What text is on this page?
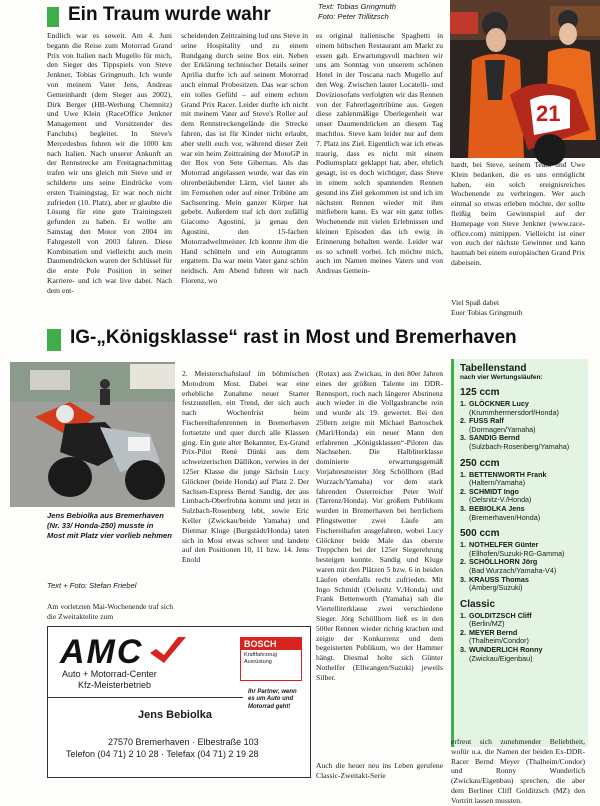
Ein Traum wurde wahr	Text: Tobias Gringmuth
Foto: Peter Trillitzsch
Endlich war es soweit. Am 4. Juni begann die Reise zum Motorrad Grand Prix von Italien nach Mugello für mich, den Sieger des Tippspiels von Steve Jenkner, Tobias Gringmuth. Ich wurde von meinem Vater Jens, Andreas Gemeinhardt (dem Sieger aus 2002), Dirk Berger (HB-Werbung Chemnitz) und Uwe Klein (RaceOffice Jenkner Management und Vorsitzender des Fanclubs) begleitet. In Steve's Mercedesbus fuhren wir die 1000 km nach Italien. Nach unserer Ankunft an der Rennstrecke am Freitagnachmittag trafen wir uns gleich mit Steve und er schilderte uns seine Eindrücke vom ersten Trainingstag. Er war noch nicht zufrieden (10. Platz), aber er glaubte die Lösung für eine gute Trainingszeit gefunden zu haben. Er wollte am Samstag den Motor von 2004 im Fahrgestell von 2003 fahren. Diese Kombination und vielleicht auch mein Daumendrücken waren der Schlüssel für die erste Pole Position in seiner Karriere- und ich war live dabei. Nach dem ent-
scheidenden Zeittraining lud uns Steve in seine Hospitality und zu einem Rundgang durch seine Box ein. Neben der Erklärung technischer Details seiner Aprilia durfte ich auf seinem Motorrad auch einmal Probesitzen. Das war schon ein tolles Gefühl – auf einem echten Grand Prix Racer. Leider durfte ich nicht mit meinem Vater auf Steve's Roller auf dem Rennstreckengelände die Strecke fahren, das ist für Kinder nicht erlaubt, aber stellt euch vor, während dieser Zeit war ein heim Zeittraining der MotoGP in der Box von Sete Gibernau. Als das Motorrad angelassen wurde, war das ein ohrenbetäubender Lärm, viel lauter als im Fernsehen oder auf einer Tribüne am Sachsenring. Mein ganzer Körper hat gebebt. Außerdem traf ich dort zufällig Giacomo Agostini, ja genau den Agostini, den 15-fachen Motorradweltmeister. Ich konnte ihm die Hand schütteln und ein Autogramm ergattern. Da war mein Vater ganz schön neidisch. Am Abend fuhren wir nach Florenz, wo
es original italienische Spaghetti in einem hübschen Restaurant am Markt zu essen gab. Erwartungsvoll machten wir uns am Sonntag von unserem schönen Hotel in der Toscana nach Mugello auf den Weg. Zwischen lauter Locatelli- und Doviziosofans verfolgten wir das Rennen von der Fahrerlagertribüne aus. Gegen diese zahlenmäßige Überlegenheit war unser Daumendrücken an diesem Tag machtlos. Steve kam leider nur auf dem 7. Platz ins Ziel. Eigentlich war ich etwas traurig, dass es nicht mit einem Podiumsplatz geklappt hat, aber, ehrlich gesagt, ist es doch wichtiger, dass Steve in einem solch spannenden Rennen gesund ins Ziel gekommen ist und ich im nächsten Rennen wieder mit ihm mitfiebern kann. Es war ein ganz tolles Wochenende mit vielen Erlebnissen und kleinen Episoden das ich ewig in Erinnerung behalten werde. Leider war es so schnell vorbei. Ich möchte mich, auch im Namen meines Vaters und von Andreas Gemein-
21
hardt, bei Steve, seinem Team und Uwe Klein bedanken, die es uns ermöglicht haben, ein solch ereignisreiches Wochenende zu verbringen. Wer auch einmal so etwas erleben möchte, der sollte fleißig beim Gewinnspiel auf der Homepage von Steve Jenkner (www.race-office.com) mittippen. Vielleicht ist einer von euch der nächste Gewinner und kann hautnah bei einem europäischen Grand Prix dabeisein.
Viel Spaß dabei
Euer Tobias Gringmuth
IG-„Königsklasse“ rast in Most und Bremerhaven
Jens Bebiolka aus Bremerhaven (Nr. 33/ Honda-250) musste in Most mit Platz vier vorlieb nehmen
Text + Foto: Stefan Friebel
Am vorletzten Mai-Wochenende traf sich die Zweitaktelite zum
2. Meisterschaftslauf im böhmischen Motodrom Most. Dabei war eine erhebliche Zunahme neuer Starter festzustellen, ein Trend, der sich auch nach Wochenfrist beim Fischereihafenrennen in Bremerhaven fortsetzte und quer durch alle Klassen ging. Ein gute alter Bekannter, Ex-Grand Prix-Pilot René Dünki aus dem schweizerischen Dällikon, verwies in der 125er Klasse die junge Sächsin Lucy Glöckner (beide Honda) auf Platz 2. Der Sachsen-Express Bernd Sandig, der aus Limbach-Oberfrohna kommt und jetzt in Sulzbach-Rosenberg lebt, sowie Eric Keller (Zwickau/beide Yamaha) und Dietmar Kluge (Burgstädt/Honda) taten sich in Most etwas schwer und landete auf den Positionen 10, 11 bzw. 14. Jens Enold
(Rotax) aus Zwickau, in den 80er Jahren eines der größten Talente im DDR-Rennsport, roch nach längerer Abstinenz auch wieder in die Vollgasbranche rein und wurde als 19. gewertet. Bei den 250ern zeigte mit Michael Bartoschek (Marl/Honda) ein neuer Mann den erfahrenen „Königsklassen“-Piloten das Nachsehen. Die Halbliterklasse dominierte erwartungsgemäß Vorjahresmeister Jörg Schöllhorn (Bad Wurzach/Yamaha) vor dem stark fahrenden Österreicher Peter Wolf (Tarrenz/Honda). Vor großem Publikum wurden in Bremerhaven bei herrlichem Pfingstwetter zwei Läufe am Fischereihafen ausgefahren, wobei Lucy Glöckner beide Male das oberste Treppchen bei der 125er Siegerehrung besteigen konnte. Sandig und Kluge waren mit den Plätzen 5 bzw. 6 in beiden Läufen ebenfalls recht zufrieden. Mit Ingo Schmidt (Oelsnitz V./Honda) und Frank Bettenworth (Yamaha) sah die Viertelliterklasse zwei verschiedene Sieger. Jörg Schöllhorn ließ es in den 500er Rennen wieder richtig krachen und zeigte der Konkurrenz und dem begeisterten Publikum, wo der Hammer hängt. Diesmal holte sich Günter Nothelfer (Ellwangen/Suzuki) jeweils Silber.
Auch die heuer neu ins Leben gerufene Classic-Zweitakt-Serie
Tabellenstand
nach vier Wertungsläufen:
125 ccm
1. GLÖCKNER Lucy
(Krummhermersdorf/Honda)
2. FUSS Ralf
(Dormagen/Yamaha)
3. SANDIG Bernd
(Sulzbach-Rosenberg/Yamaha)
250 ccm
1. BETTENWORTH Frank
(Haltern/Yamaha)
2. SCHMIDT Ingo
(Oelsnitz-V./Honda)
3. BEBIOLKA Jens
(Bremerhaven/Honda)
500 ccm
1. NOTHELFER Günter
(Ellhofen/Suzuki-RG-Gamma)
2. SCHÖLLHORN Jörg
(Bad Wurzach/Yamaha-V4)
3. KRAUSS Thomas
(Amberg/Suzuki)
Classic
1. GOLDITZSCH Cliff
(Berlin/MZ)
2. MEYER Bernd
(Thalheim/Condor)
3. WUNDERLICH Ronny
(Zwickau/Eigenbau)
erfreut sich zunehmender Beliebtheit, wofür u.a. die Namen der beiden Ex-DDR-Racer Bernd Meyer (Thalheim/Condor) und Ronny Wunderlich (Zwickau/Eigenbau) sprechen, die aber dem Berliner Cliff Golditzsch (MZ) den Vortritt lassen mussten.
AMC
Auto + Motorrad-Center
Kfz-Meisterbetrieb
BOSCH
Kraftfahrzeug Ausrüstung
Ihr Partner, wenn es um Auto und Motorrad geht!
Jens Bebiolka
27570 Bremerhaven · Elbestraße 103
Telefon (04 71) 2 10 28 · Telefax (04 71) 2 19 28
